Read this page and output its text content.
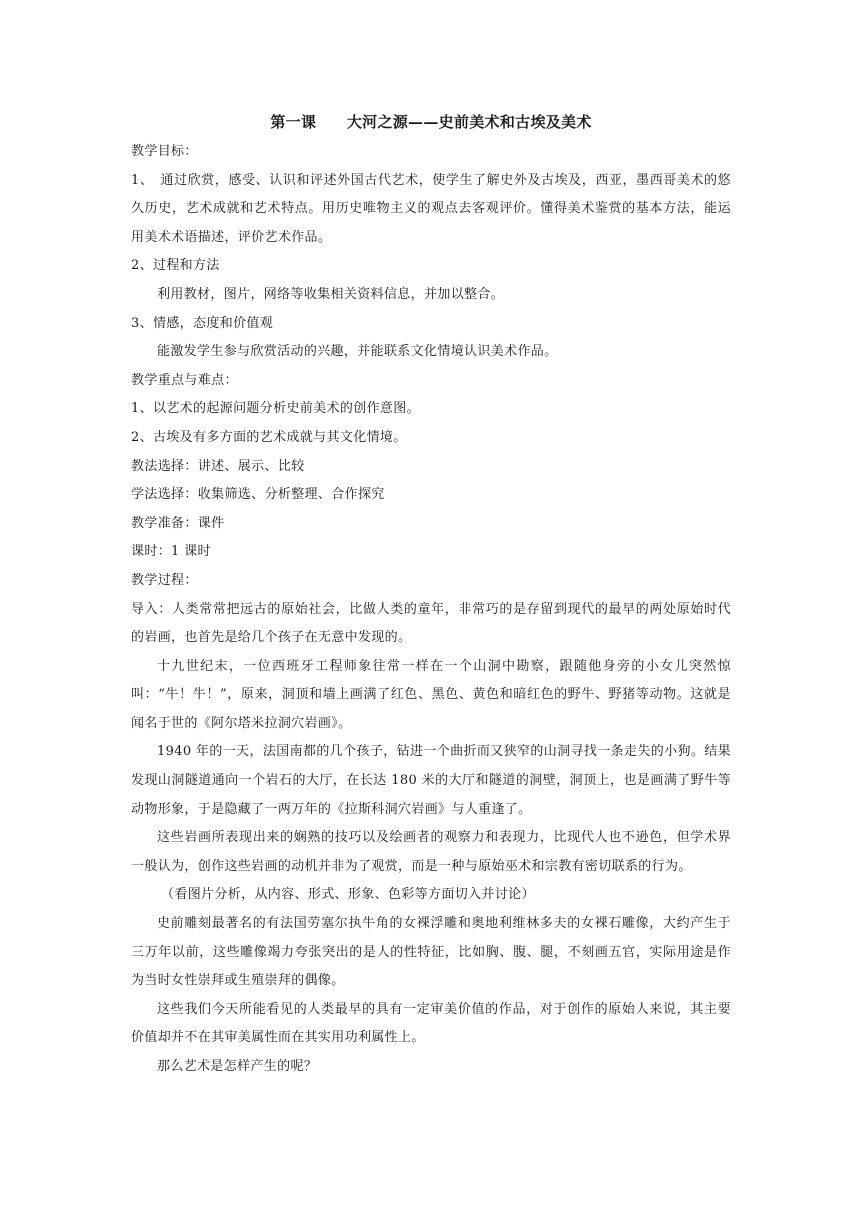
第一课　　大河之源——史前美术和古埃及美术

教学目标：

1、　通过欣赏，感受、认识和评述外国古代艺术，使学生了解史外及古埃及，西亚，墨西哥美术的悠久历史，艺术成就和艺术特点。用历史唯物主义的观点去客观评价。懂得美术鉴赏的基本方法，能运用美术术语描述，评价艺术作品。

2、过程和方法

利用教材，图片，网络等收集相关资料信息，并加以整合。

3、情感，态度和价值观

能激发学生参与欣赏活动的兴趣，并能联系文化情境认识美术作品。

教学重点与难点：

1、以艺术的起源问题分析史前美术的创作意图。

2、古埃及有多方面的艺术成就与其文化情境。

教法选择：讲述、展示、比较

学法选择：收集筛选、分析整理、合作探究

教学准备：课件

课时：1 课时

教学过程：

导入：人类常常把远古的原始社会，比做人类的童年，非常巧的是存留到现代的最早的两处原始时代的岩画，也首先是给几个孩子在无意中发现的。

十九世纪末，一位西班牙工程师象往常一样在一个山洞中勘察，跟随他身旁的小女儿突然惊叫：“牛！牛！”，原来，洞顶和墙上画满了红色、黑色、黄色和暗红色的野牛、野猪等动物。这就是闻名于世的《阿尔塔米拉洞穴岩画》。

1940 年的一天，法国南都的几个孩子，钻进一个曲折而又狭窄的山洞寻找一条走失的小狗。结果发现山洞隧道通向一个岩石的大厅，在长达 180 米的大厅和隧道的洞壁，洞顶上，也是画满了野牛等动物形象，于是隐藏了一两万年的《拉斯科洞穴岩画》与人重逢了。

这些岩画所表现出来的娴熟的技巧以及绘画者的观察力和表现力，比现代人也不逊色，但学术界一般认为，创作这些岩画的动机并非为了观赏，而是一种与原始巫术和宗教有密切联系的行为。

（看图片分析，从内容、形式、形象、色彩等方面切入并讨论）

史前雕刻最著名的有法国劳塞尔执牛角的女裸浮雕和奥地利维林多夫的女裸石雕像，大约产生于三万年以前，这些雕像竭力夸张突出的是人的性特征，比如胸、腹、腿，不刻画五官，实际用途是作为当时女性崇拜或生殖崇拜的偶像。

这些我们今天所能看见的人类最早的具有一定审美价值的作品，对于创作的原始人来说，其主要价值却并不在其审美属性而在其实用功利属性上。

那么艺术是怎样产生的呢？
